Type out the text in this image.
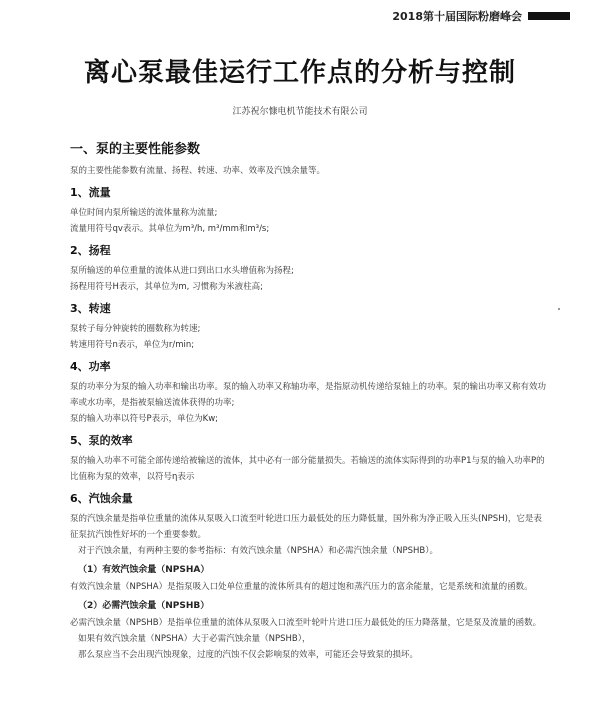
2018第十届国际粉磨峰会
离心泵最佳运行工作点的分析与控制
江苏祝尔慷电机节能技术有限公司
一、泵的主要性能参数

泵的主要性能参数有流量、扬程、转速、功率、效率及汽蚀余量等。

1、流量

单位时间内泵所输送的流体量称为流量;

流量用符号qv表示。其单位为m³/h, m³/mm和m³/s;

2、扬程

泵所输送的单位重量的流体从进口到出口水头增值称为扬程;

扬程用符号H表示，其单位为m, 习惯称为米液柱高;

3、转速

泵转子每分钟旋转的圈数称为转速;

转速用符号n表示，单位为r/min;

4、功率

泵的功率分为泵的输入功率和输出功率。泵的输入功率又称轴功率，是指原动机传递给泵轴上的功率。泵的输出功率又称有效功率或水功率，是指被泵输送流体获得的功率;

泵的输入功率以符号P表示，单位为Kw;

5、泵的效率

泵的输入功率不可能全部传递给被输送的流体，其中必有一部分能量损失。若输送的流体实际得到的功率P1与泵的输入功率P的比值称为泵的效率，以符号η表示

6、汽蚀余量

泵的汽蚀余量是指单位重量的流体从泵吸入口流至叶轮进口压力最低处的压力降低量，国外称为净正吸入压头(NPSH)，它是表征泵抗汽蚀性好坏的一个重要参数。

对于汽蚀余量，有两种主要的参考指标：有效汽蚀余量（NPSHA）和必需汽蚀余量（NPSHB）。

（1）有效汽蚀余量（NPSHA）

有效汽蚀余量（NPSHA）是指泵吸入口处单位重量的流体所具有的超过饱和蒸汽压力的富余能量，它是系统和流量的函数。

（2）必需汽蚀余量（NPSHB）

必需汽蚀余量（NPSHB）是指单位重量的流体从泵吸入口流至叶轮叶片进口压力最低处的压力降落量，它是泵及流量的函数。

如果有效汽蚀余量（NPSHA）大于必需汽蚀余量（NPSHB），

那么泵应当不会出现汽蚀现象，过度的汽蚀不仅会影响泵的效率，可能还会导致泵的损坏。
